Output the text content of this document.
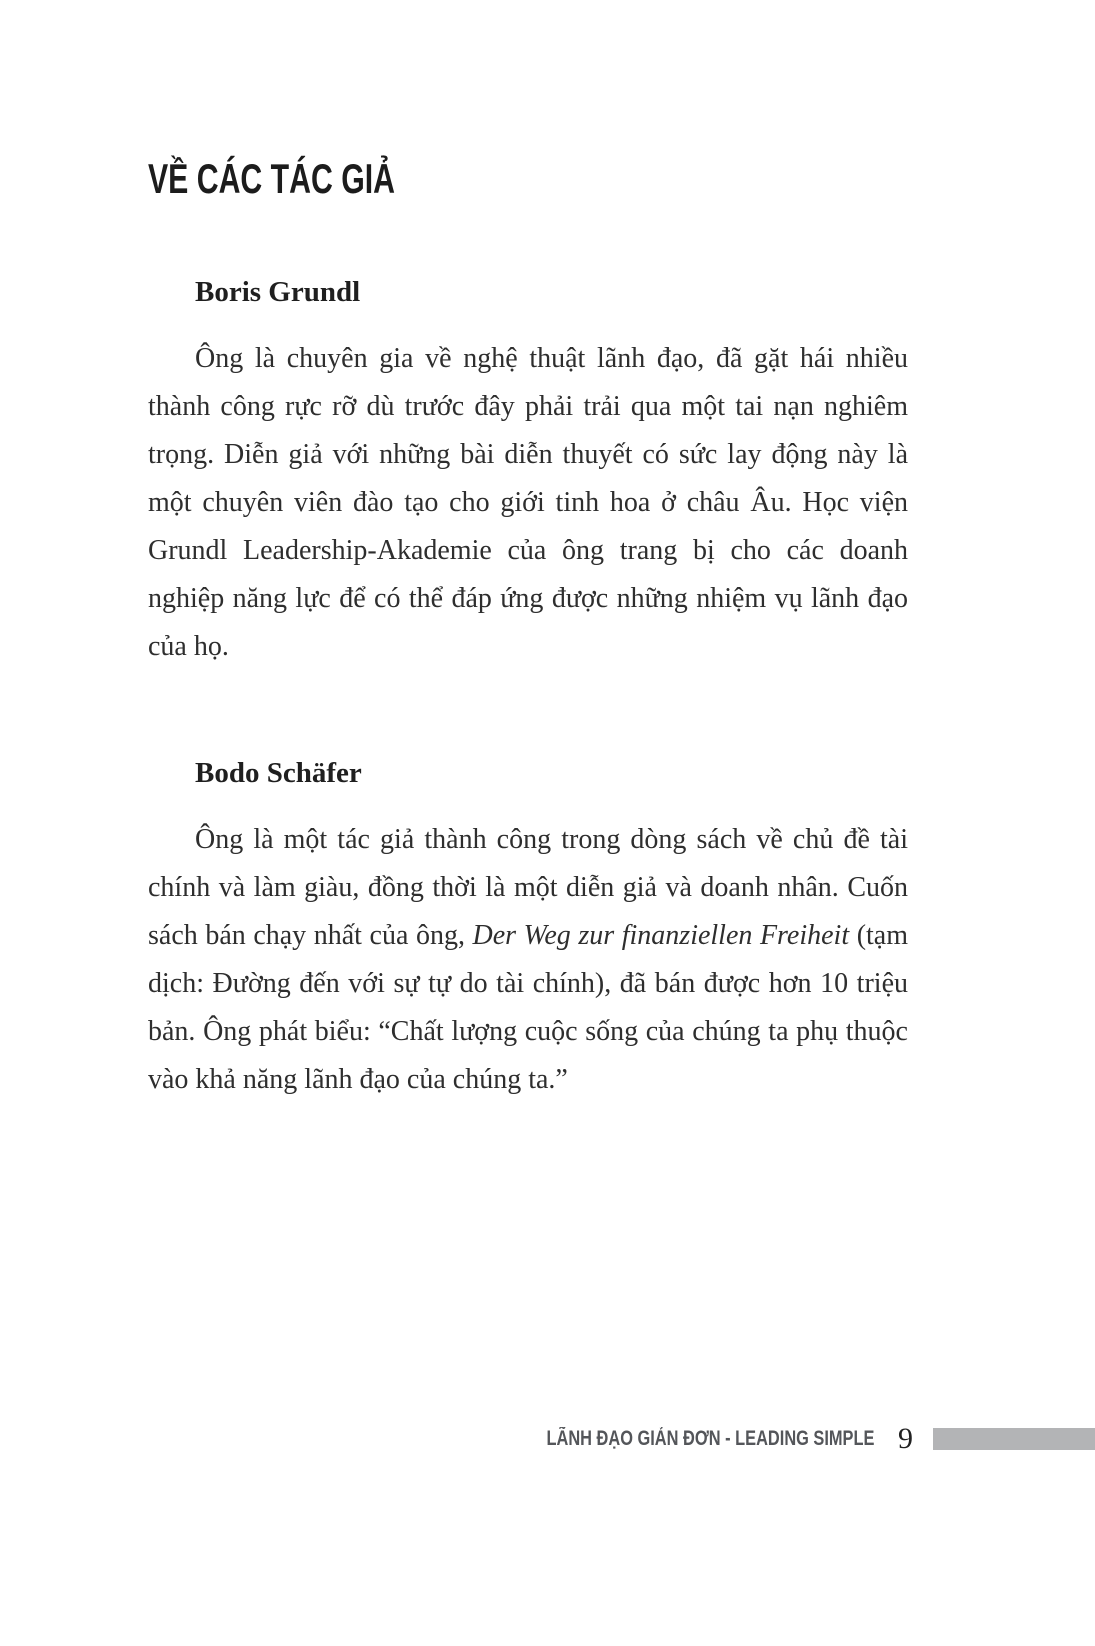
VỀ CÁC TÁC GIẢ
Boris Grundl

Ông là chuyên gia về nghệ thuật lãnh đạo, đã gặt hái nhiều thành công rực rỡ dù trước đây phải trải qua một tai nạn nghiêm trọng. Diễn giả với những bài diễn thuyết có sức lay động này là một chuyên viên đào tạo cho giới tinh hoa ở châu Âu. Học viện Grundl Leadership-Akademie của ông trang bị cho các doanh nghiệp năng lực để có thể đáp ứng được những nhiệm vụ lãnh đạo của họ.

Bodo Schäfer

Ông là một tác giả thành công trong dòng sách về chủ đề tài chính và làm giàu, đồng thời là một diễn giả và doanh nhân. Cuốn sách bán chạy nhất của ông, Der Weg zur finanziellen Freiheit (tạm dịch: Đường đến với sự tự do tài chính), đã bán được hơn 10 triệu bản. Ông phát biểu: “Chất lượng cuộc sống của chúng ta phụ thuộc vào khả năng lãnh đạo của chúng ta.”

LÃNH ĐẠO GIẢN ĐƠN - LEADING SIMPLE 9
